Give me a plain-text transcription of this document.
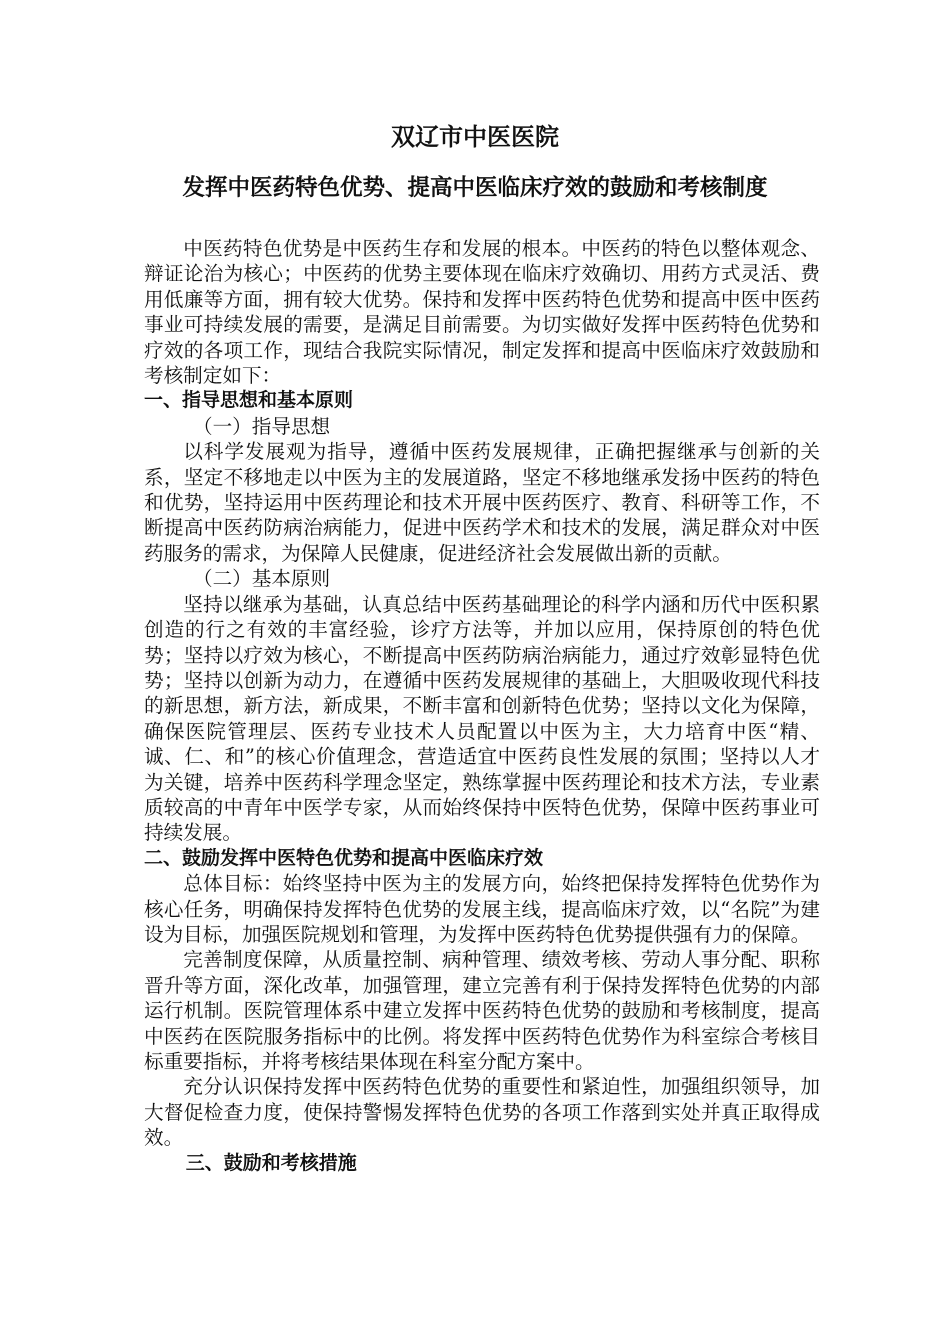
双辽市中医医院
发挥中医药特色优势、提高中医临床疗效的鼓励和考核制度

中医药特色优势是中医药生存和发展的根本。中医药的特色以整体观念、辩证论治为核心；中医药的优势主要体现在临床疗效确切、用药方式灵活、费用低廉等方面，拥有较大优势。保持和发挥中医药特色优势和提高中医中医药事业可持续发展的需要，是满足目前需要。为切实做好发挥中医药特色优势和疗效的各项工作，现结合我院实际情况，制定发挥和提高中医临床疗效鼓励和考核制定如下：

一、指导思想和基本原则

（一）指导思想

以科学发展观为指导，遵循中医药发展规律，正确把握继承与创新的关系，坚定不移地走以中医为主的发展道路，坚定不移地继承发扬中医药的特色和优势，坚持运用中医药理论和技术开展中医药医疗、教育、科研等工作，不断提高中医药防病治病能力，促进中医药学术和技术的发展，满足群众对中医药服务的需求，为保障人民健康，促进经济社会发展做出新的贡献。

（二）基本原则

坚持以继承为基础，认真总结中医药基础理论的科学内涵和历代中医积累创造的行之有效的丰富经验，诊疗方法等，并加以应用，保持原创的特色优势；坚持以疗效为核心，不断提高中医药防病治病能力，通过疗效彰显特色优势；坚持以创新为动力，在遵循中医药发展规律的基础上，大胆吸收现代科技的新思想，新方法，新成果，不断丰富和创新特色优势；坚持以文化为保障，确保医院管理层、医药专业技术人员配置以中医为主，大力培育中医“精、诚、仁、和”的核心价值理念，营造适宜中医药良性发展的氛围；坚持以人才为关键，培养中医药科学理念坚定，熟练掌握中医药理论和技术方法，专业素质较高的中青年中医学专家，从而始终保持中医特色优势，保障中医药事业可持续发展。

二、鼓励发挥中医特色优势和提高中医临床疗效

总体目标：始终坚持中医为主的发展方向，始终把保持发挥特色优势作为核心任务，明确保持发挥特色优势的发展主线，提高临床疗效，以“名院”为建设为目标，加强医院规划和管理，为发挥中医药特色优势提供强有力的保障。

完善制度保障，从质量控制、病种管理、绩效考核、劳动人事分配、职称晋升等方面，深化改革，加强管理，建立完善有利于保持发挥特色优势的内部运行机制。医院管理体系中建立发挥中医药特色优势的鼓励和考核制度，提高中医药在医院服务指标中的比例。将发挥中医药特色优势作为科室综合考核目标重要指标，并将考核结果体现在科室分配方案中。

充分认识保持发挥中医药特色优势的重要性和紧迫性，加强组织领导，加大督促检查力度，使保持警惕发挥特色优势的各项工作落到实处并真正取得成效。

三、鼓励和考核措施
